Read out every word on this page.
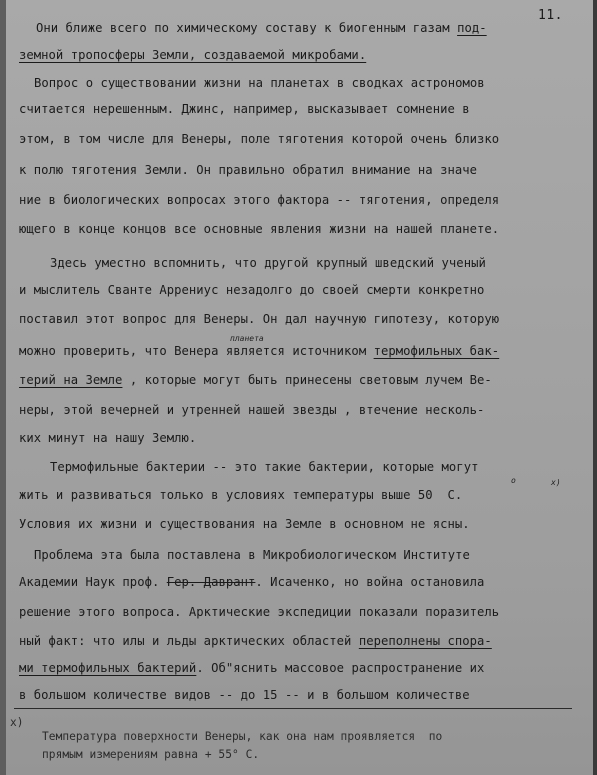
11.
Они ближе всего по химическому составу к биогенным газам под-
земной тропосферы Земли, создаваемой микробами.
Вопрос о существовании жизни на планетах в сводках астрономов
считается нерешенным. Джинс, например, высказывает сомнение в
этом, в том числе для Венеры, поле тяготения которой очень близко
к полю тяготения Земли. Он правильно обратил внимание на значе
ние в биологических вопросах этого фактора -- тяготения, определя
ющего в конце концов все основные явления жизни на нашей планете.
Здесь уместно вспомнить, что другой крупный шведский ученый
и мыслитель Сванте Аррениус незадолго до своей смерти конкретно
поставил этот вопрос для Венеры. Он дал научную гипотезу, которую
планета
можно проверить, что Венера является источником термофильных бак-
терий на Земле , которые могут быть принесены световым лучем Ве-
неры, этой вечерней и утренней нашей звезды , втечение несколь-
ких минут на нашу Землю.
Термофильные бактерии -- это такие бактерии, которые могут
o	x)
жить и развиваться только в условиях температуры выше 50  С.
Условия их жизни и существования на Земле в основном не ясны.
Проблема эта была поставлена в Микробиологическом Институте
Академии Наук проф. Гер. Даврант. Исаченко, но война остановила
решение этого вопроса. Арктические экспедиции показали поразитель
ный факт: что илы и льды арктических областей переполнены спора-
ми термофильных бактерий. Об"яснить массовое распространение их
в большом количестве видов -- до 15 -- и в большом количестве
x)
Температура поверхности Венеры, как она нам проявляется  по
прямым измерениям равна + 55° С.
